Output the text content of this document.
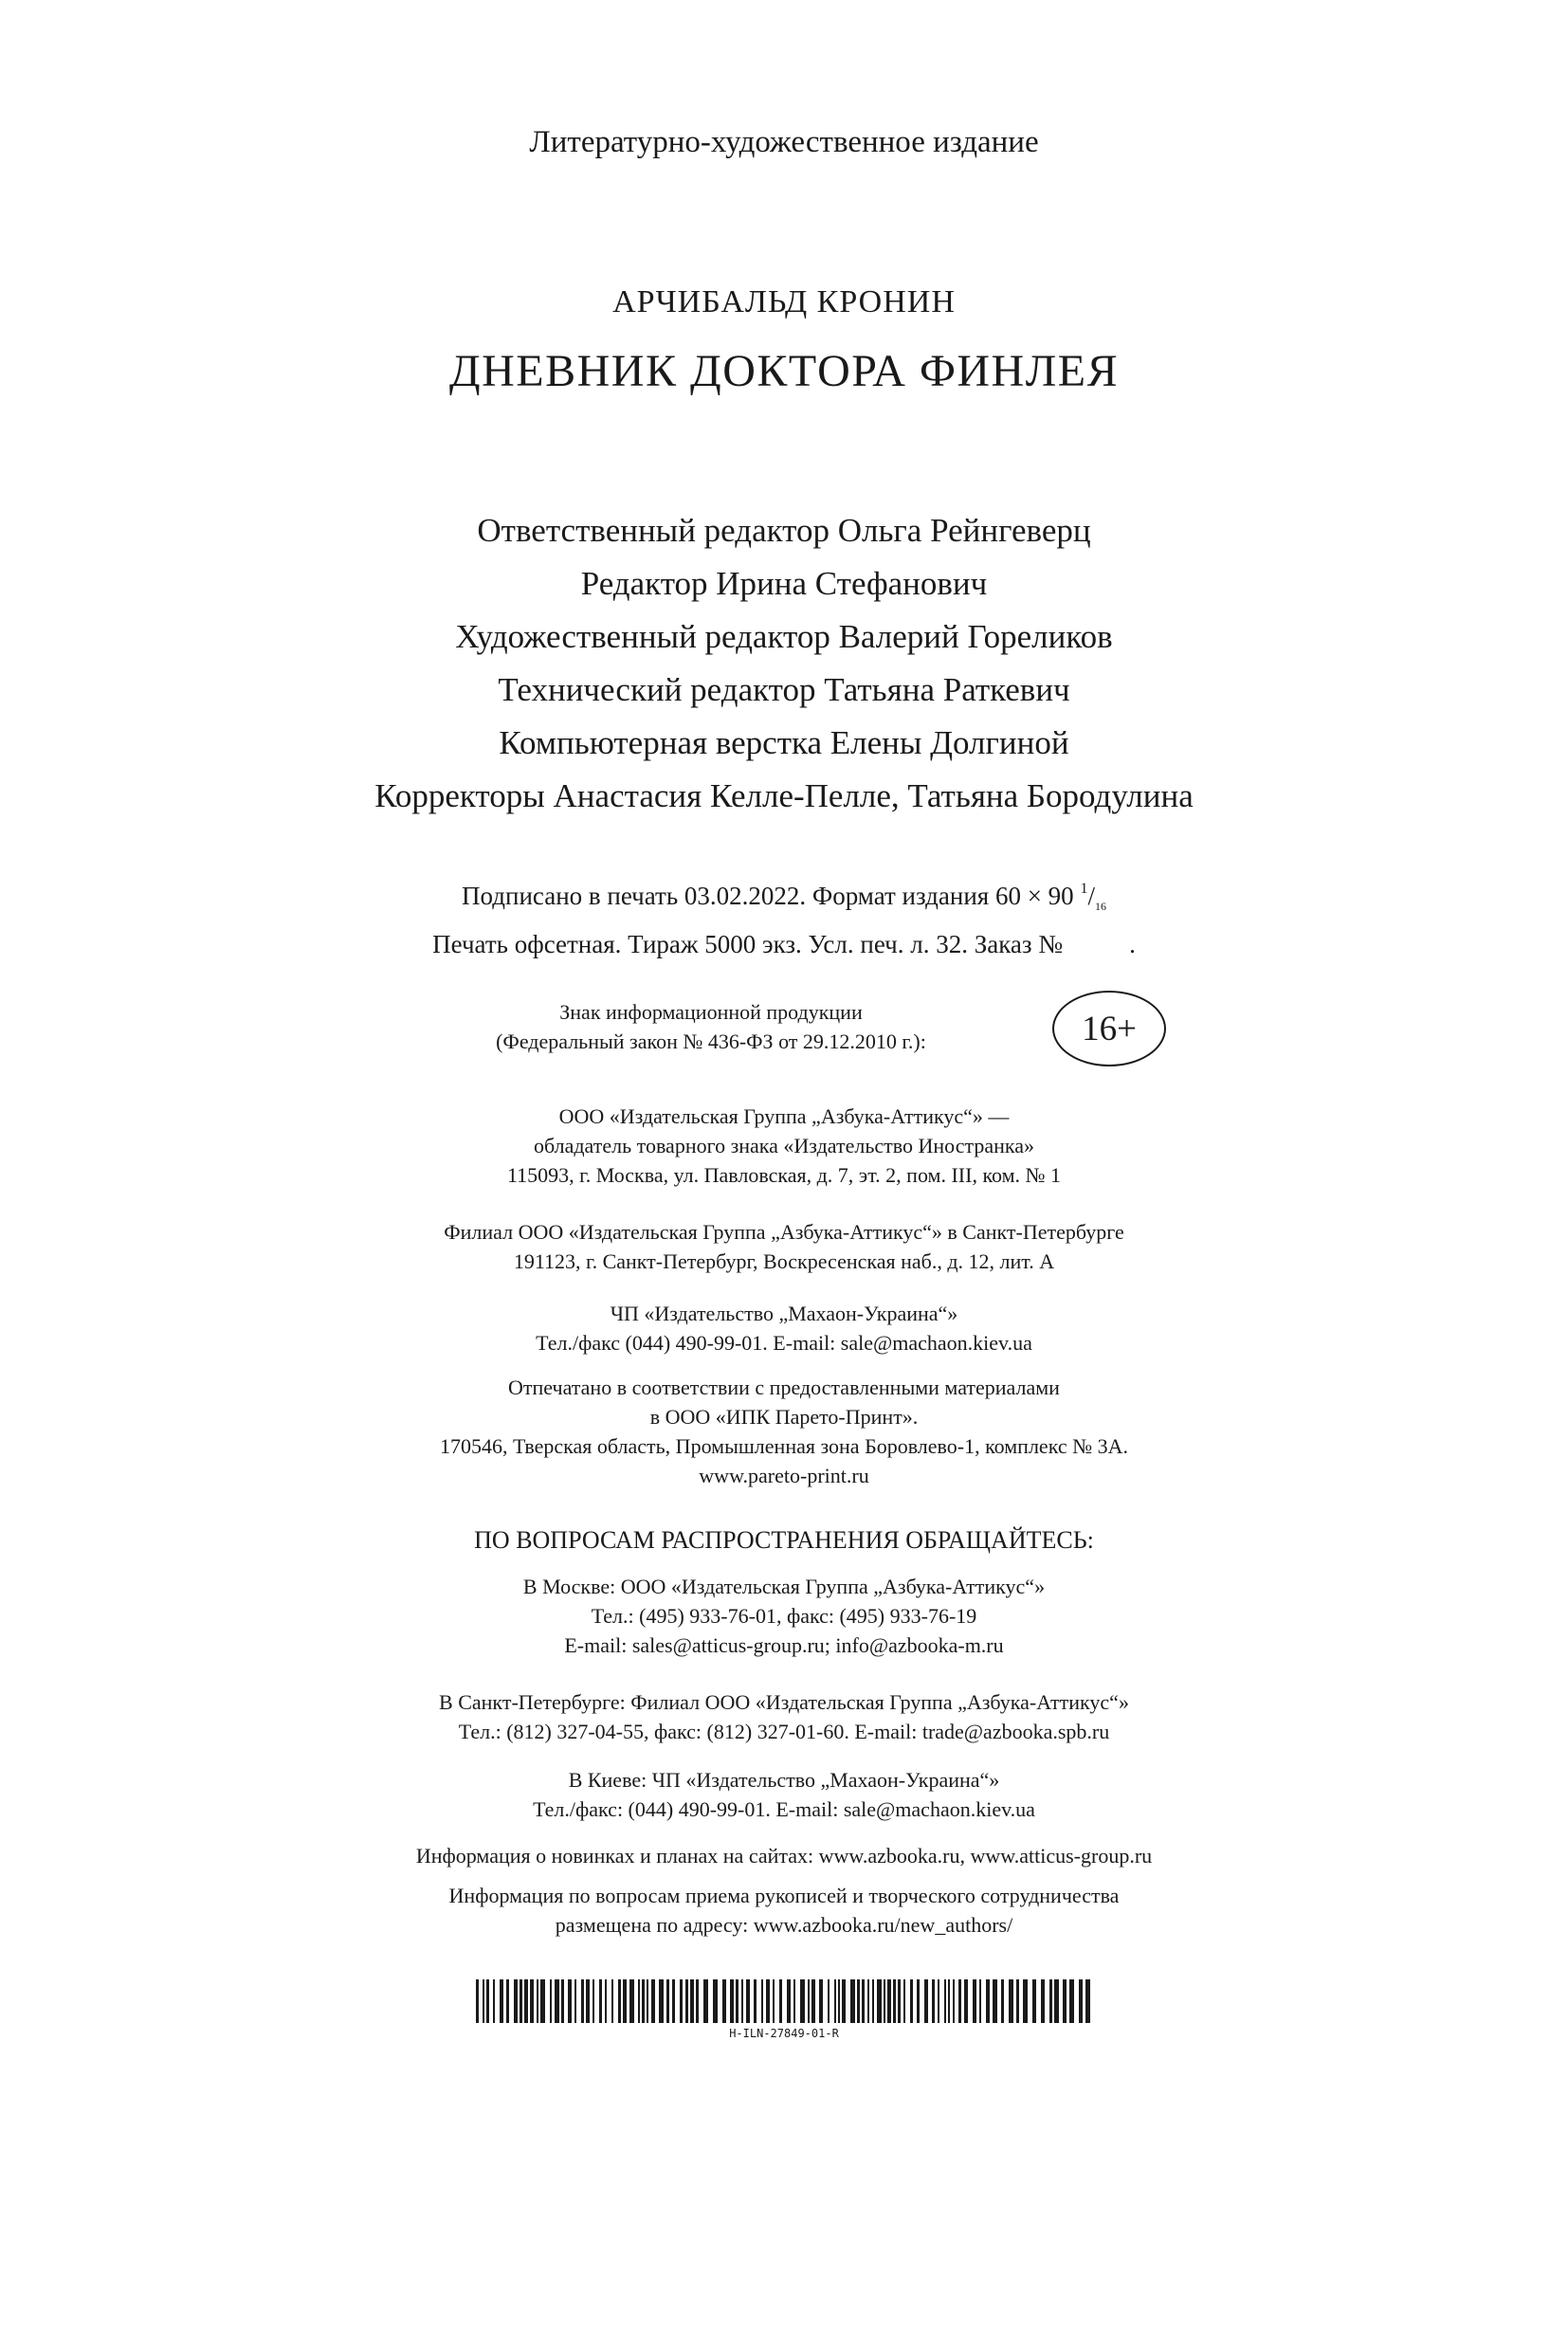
Литературно-художественное издание
АРЧИБАЛЬД КРОНИН
ДНЕВНИК ДОКТОРА ФИНЛЕЯ

Ответственный редактор Ольга Рейнгеверц

Редактор Ирина Стефанович

Художественный редактор Валерий Гореликов

Технический редактор Татьяна Раткевич

Компьютерная верстка Елены Долгиной

Корректоры Анастасия Келле-Пелле, Татьяна Бородулина

Подписано в печать 03.02.2022. Формат издания 60 × 90 $^1/_{16}$

Печать офсетная. Тираж 5000 экз. Усл. печ. л. 32. Заказ №	.

Знак информационной продукции
(Федеральный закон № 436-ФЗ от 29.12.2010 г.):	16+

ООО «Издательская Группа „Азбука-Аттикус“» —

обладатель товарного знака «Издательство Иностранка»

115093, г. Москва, ул. Павловская, д. 7, эт. 2, пом. III, ком. № 1

Филиал ООО «Издательская Группа „Азбука-Аттикус“» в Санкт-Петербурге

191123, г. Санкт-Петербург, Воскресенская наб., д. 12, лит. А

ЧП «Издательство „Махаон-Украина“»

Тел./факс (044) 490-99-01. E-mail: sale@machaon.kiev.ua

Отпечатано в соответствии с предоставленными материалами

в ООО «ИПК Парето-Принт».

170546, Тверская область, Промышленная зона Боровлево-1, комплекс № 3А.

www.pareto-print.ru

ПО ВОПРОСАМ РАСПРОСТРАНЕНИЯ ОБРАЩАЙТЕСЬ:

В Москве: ООО «Издательская Группа „Азбука-Аттикус“»

Тел.: (495) 933-76-01, факс: (495) 933-76-19

E-mail: sales@atticus-group.ru; info@azbooka-m.ru

В Санкт-Петербурге: Филиал ООО «Издательская Группа „Азбука-Аттикус“»

Тел.: (812) 327-04-55, факс: (812) 327-01-60. E-mail: trade@azbooka.spb.ru

В Киеве: ЧП «Издательство „Махаон-Украина“»

Тел./факс: (044) 490-99-01. E-mail: sale@machaon.kiev.ua

Информация о новинках и планах на сайтах: www.azbooka.ru, www.atticus-group.ru

Информация по вопросам приема рукописей и творческого сотрудничества

размещена по адресу: www.azbooka.ru/new_authors/

H-ILN-27849-01-R
